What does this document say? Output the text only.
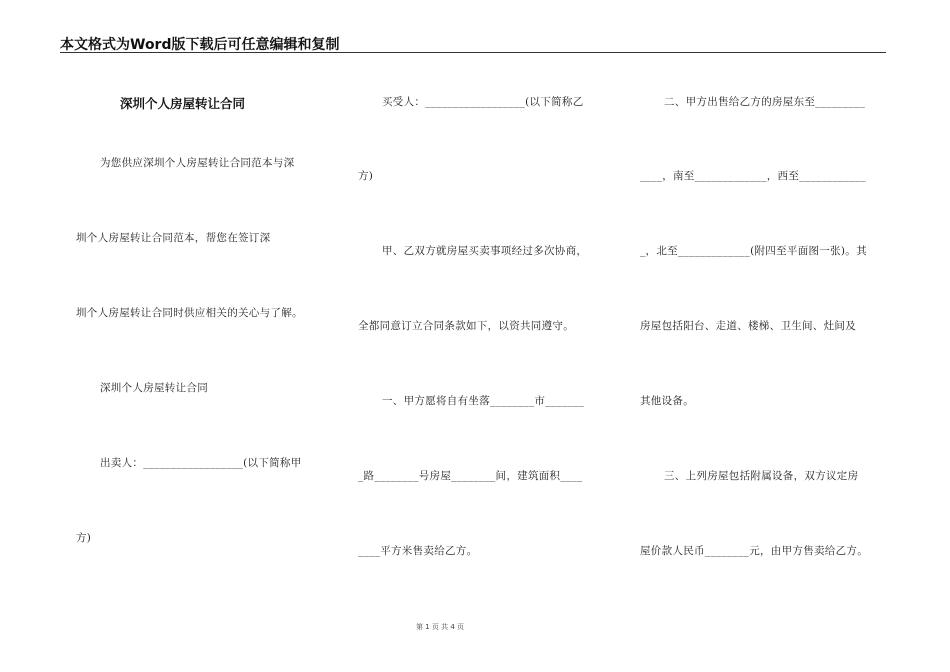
本文格式为Word版下载后可任意编辑和复制
深圳个人房屋转让合同
为您供应深圳个人房屋转让合同范本与深
圳个人房屋转让合同范本，帮您在签订深
圳个人房屋转让合同时供应相关的关心与了解。
深圳个人房屋转让合同
出卖人：__________________(以下简称甲
方)
买受人：__________________(以下简称乙
方)
甲、乙双方就房屋买卖事项经过多次协商，
全都同意订立合同条款如下，以资共同遵守。
一、甲方愿将自有坐落________市_______
_路________号房屋________间，建筑面积____
____平方米售卖给乙方。
二、甲方出售给乙方的房屋东至_________
____，南至_____________，西至____________
_，北至_____________(附四至平面图一张)。其
房屋包括阳台、走道、楼梯、卫生间、灶间及
其他设备。
三、上列房屋包括附属设备，双方议定房
屋价款人民币________元，由甲方售卖给乙方。
第 1 页 共 4 页
